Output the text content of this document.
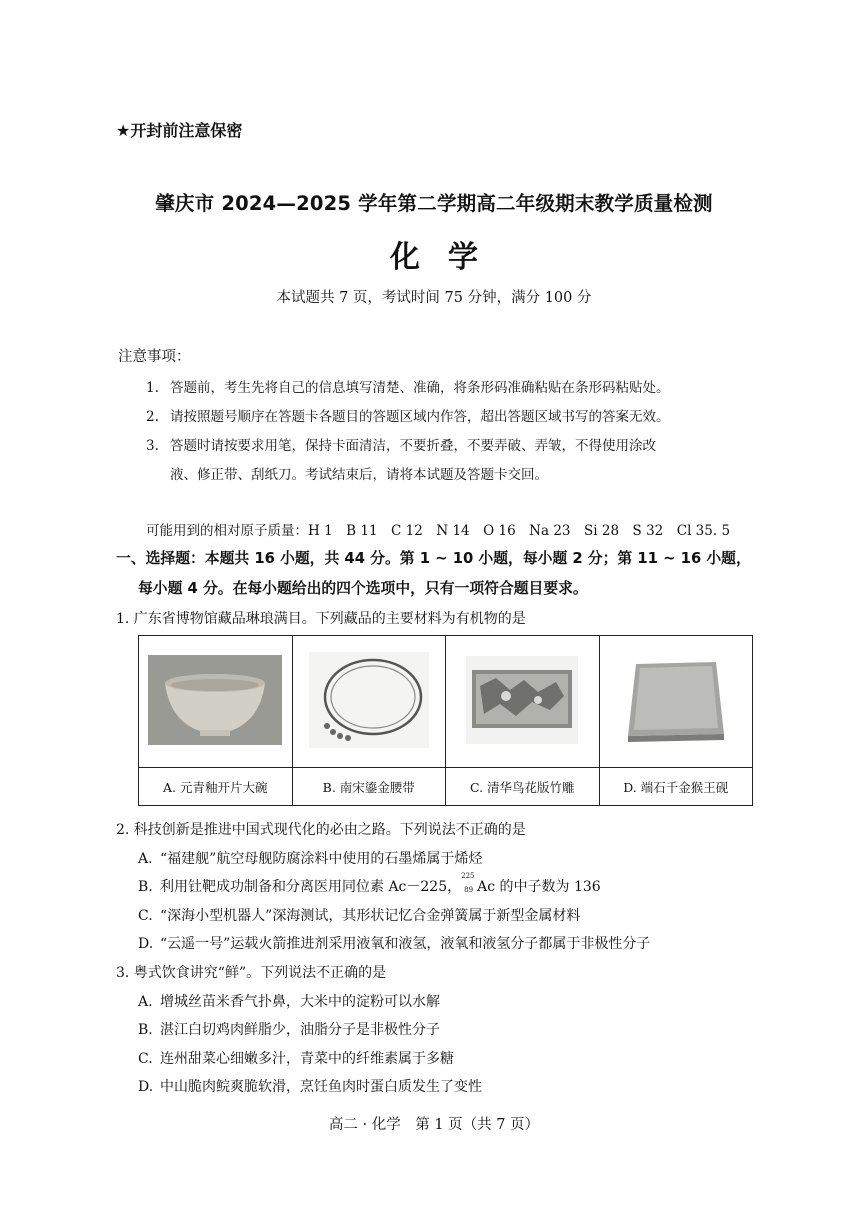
★开封前注意保密
肇庆市 2024—2025 学年第二学期高二年级期末教学质量检测
化学
本试题共 7 页，考试时间 75 分钟，满分 100 分
注意事项：
1. 答题前，考生先将自己的信息填写清楚、准确，将条形码准确粘贴在条形码粘贴处。
2. 请按照题号顺序在答题卡各题目的答题区域内作答，超出答题区域书写的答案无效。
3. 答题时请按要求用笔，保持卡面清洁，不要折叠，不要弄破、弄皱，不得使用涂改
液、修正带、刮纸刀。考试结束后，请将本试题及答题卡交回。
可能用到的相对原子质量：H 1　B 11　C 12　N 14　O 16　Na 23　Si 28　S 32　Cl 35. 5
一、选择题：本题共 16 小题，共 44 分。第 1 ~ 10 小题，每小题 2 分；第 11 ~ 16 小题，
每小题 4 分。在每小题给出的四个选项中，只有一项符合题目要求。
1. 广东省博物馆藏品琳琅满目。下列藏品的主要材料为有机物的是

A. 元青釉开片大碗	B. 南宋鎏金腰带	C. 清华鸟花版竹雕	D. 端石千金猴王砚
2. 科技创新是推进中国式现代化的必由之路。下列说法不正确的是
A. “福建舰”航空母舰防腐涂料中使用的石墨烯属于烯烃
B. 利用钍靶成功制备和分离医用同位素 Ac－225，
225
89 Ac 的中子数为 136
C. “深海小型机器人”深海测试，其形状记忆合金弹簧属于新型金属材料
D. “云遥一号”运载火箭推进剂采用液氧和液氢，液氧和液氢分子都属于非极性分子
3. 粤式饮食讲究“鲜”。下列说法不正确的是
A. 增城丝苗米香气扑鼻，大米中的淀粉可以水解
B. 湛江白切鸡肉鲜脂少，油脂分子是非极性分子
C. 连州甜菜心细嫩多汁，青菜中的纤维素属于多糖
D. 中山脆肉鲩爽脆软滑，烹饪鱼肉时蛋白质发生了变性
高二 · 化学　第 1 页（共 7 页）
